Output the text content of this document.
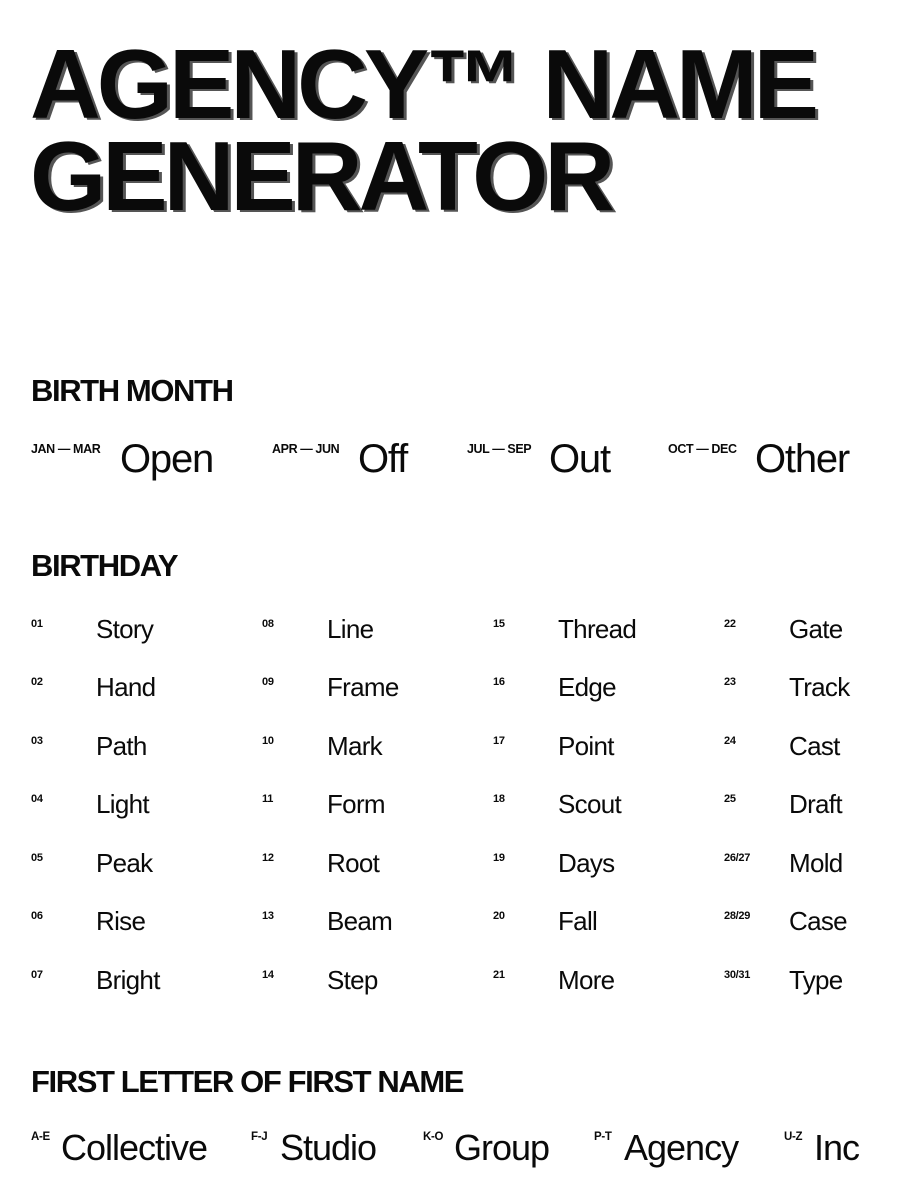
AGENCY™ NAME
GENERATOR
BIRTH MONTH
JAN — MAR Open	APR — JUN Off	JUL — SEP Out	OCT — DEC Other
BIRTHDAY
01 Story
02 Hand
03 Path
04 Light
05 Peak
06 Rise
07 Bright
08 Line
09 Frame
10 Mark
11 Form
12 Root
13 Beam
14 Step
15 Thread
16 Edge
17 Point
18 Scout
19 Days
20 Fall
21 More
22 Gate
23 Track
24 Cast
25 Draft
26/27 Mold
28/29 Case
30/31 Type
FIRST LETTER OF FIRST NAME
A-E Collective	F-J Studio	K-O Group	P-T Agency	U-Z Inc
